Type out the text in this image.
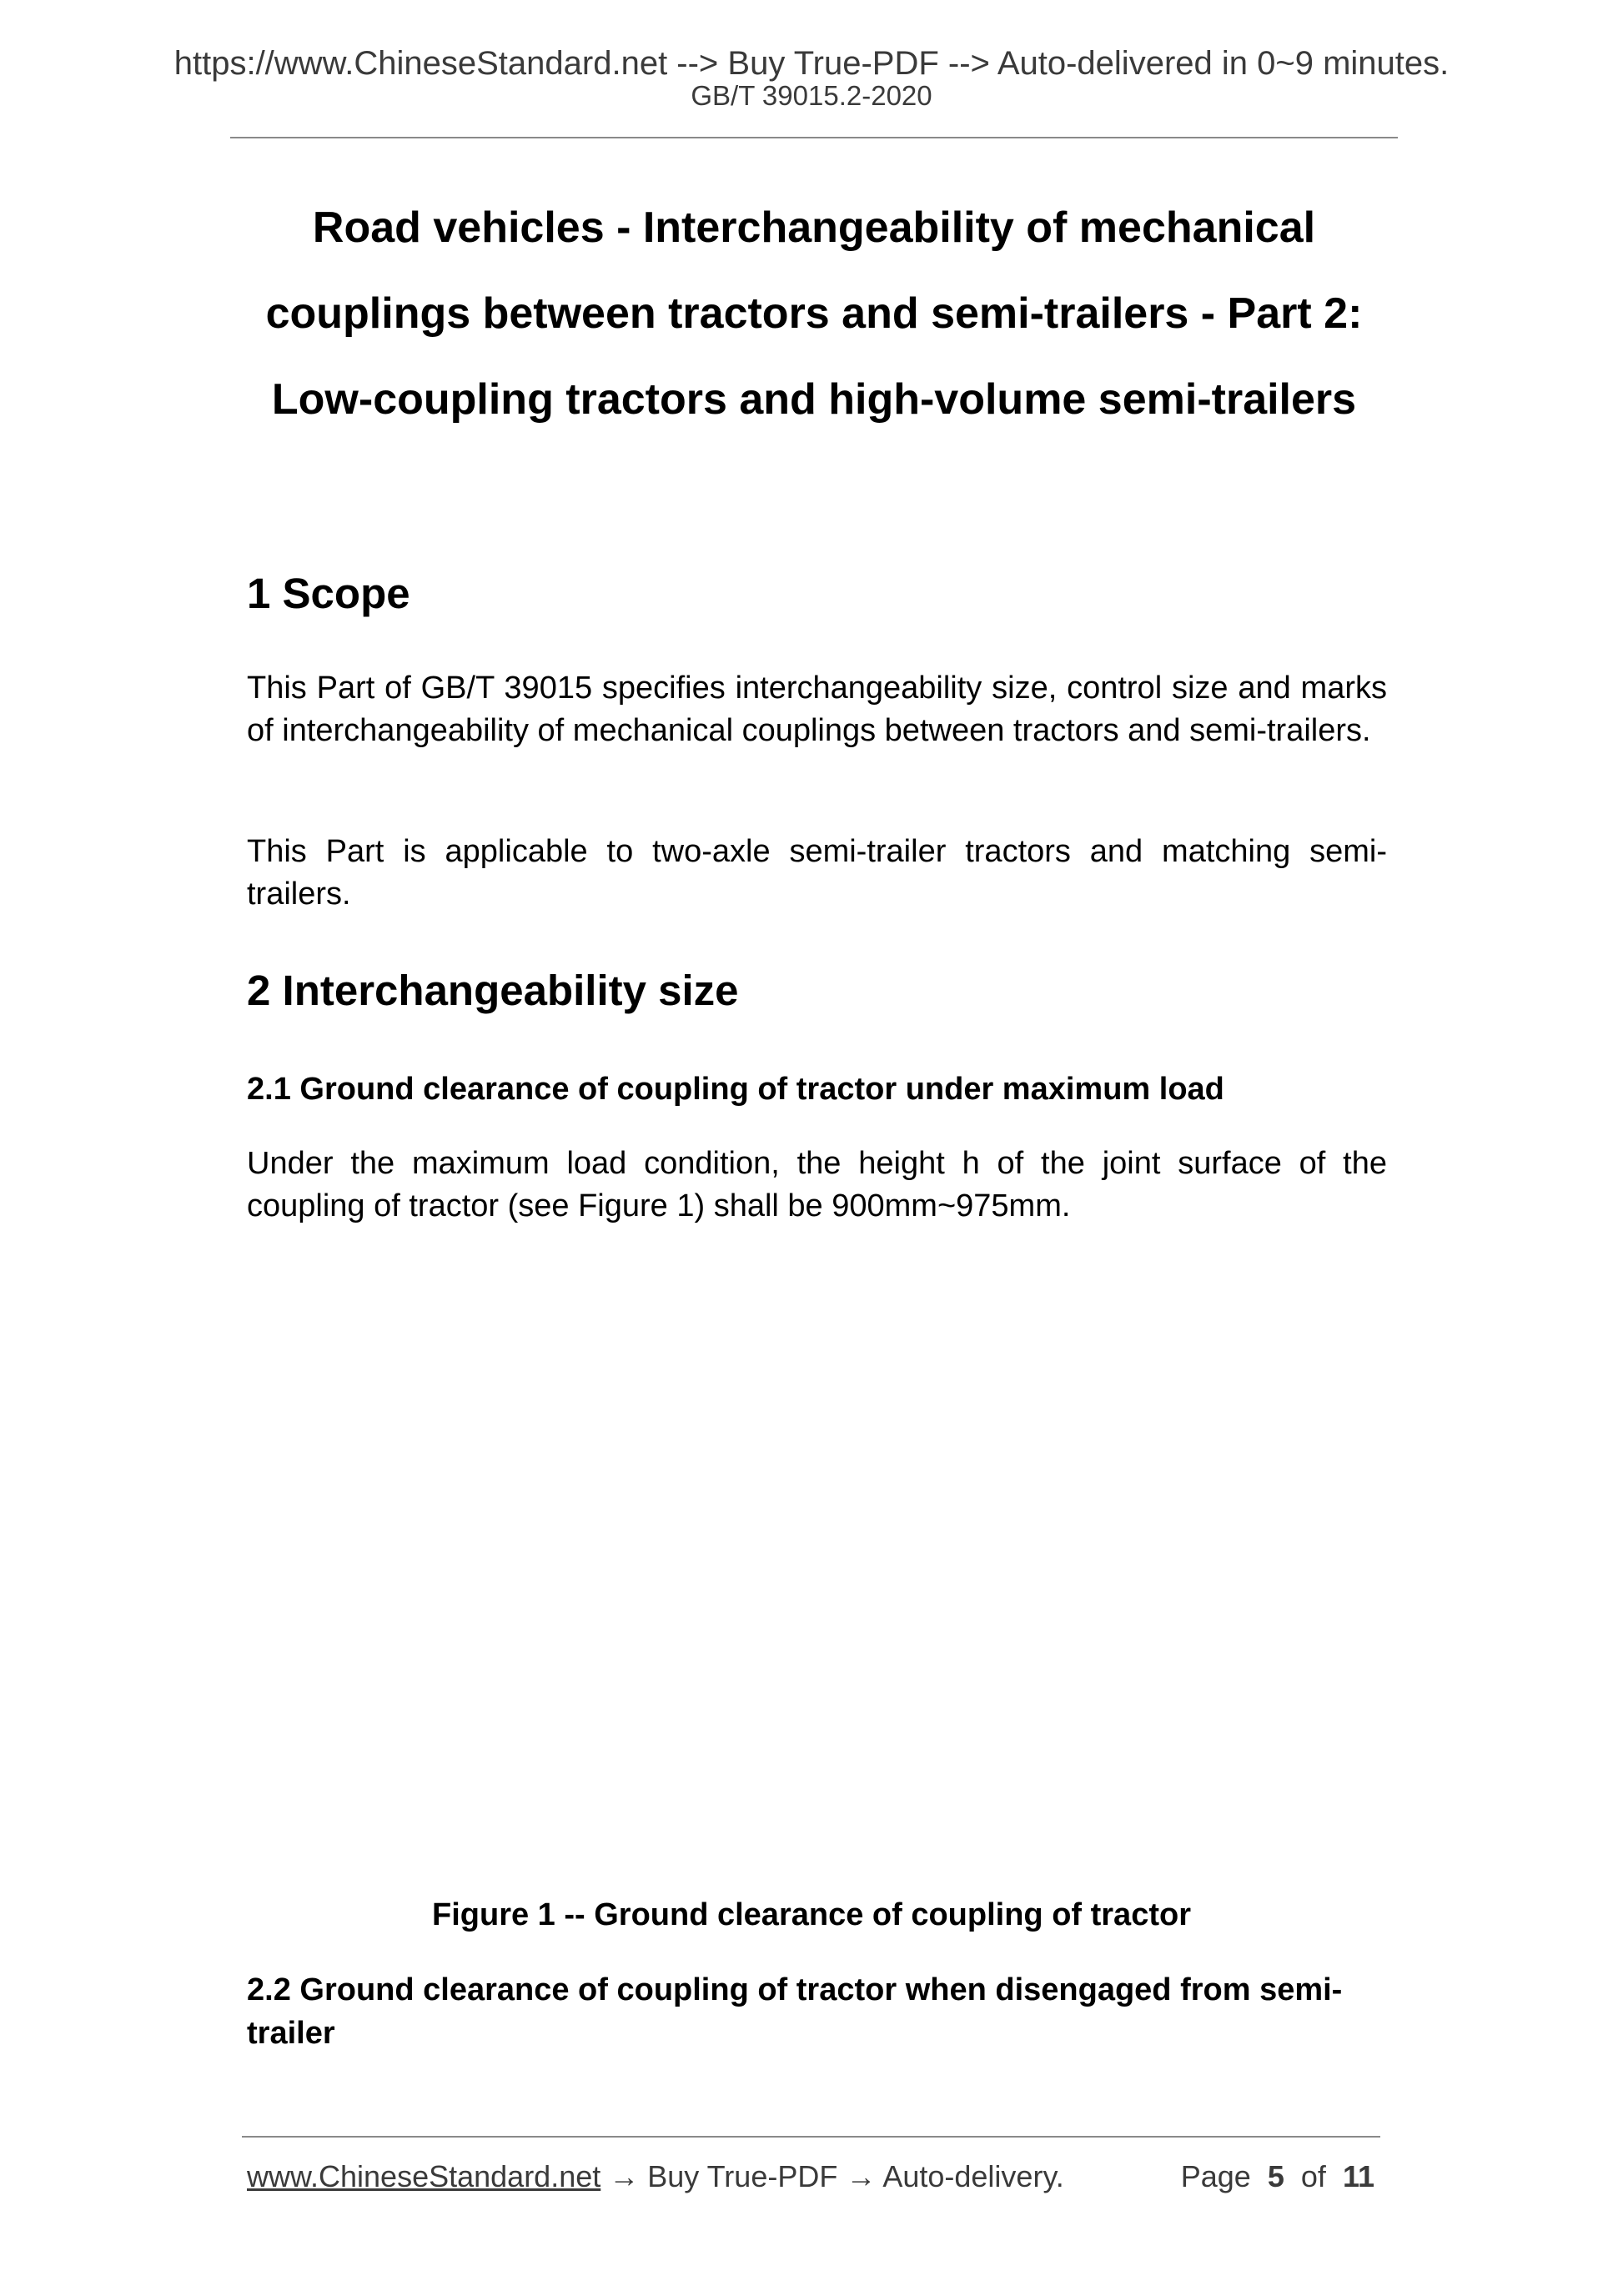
https://www.ChineseStandard.net --> Buy True-PDF --> Auto-delivered in 0~9 minutes.
GB/T 39015.2-2020
Road vehicles - Interchangeability of mechanical
couplings between tractors and semi-trailers - Part 2:
Low-coupling tractors and high-volume semi-trailers
1 Scope
This Part of GB/T 39015 specifies interchangeability size, control size and marks of interchangeability of mechanical couplings between tractors and semi-trailers.
This Part is applicable to two-axle semi-trailer tractors and matching semi-trailers.
2 Interchangeability size
2.1 Ground clearance of coupling of tractor under maximum load
Under the maximum load condition, the height h of the joint surface of the coupling of tractor (see Figure 1) shall be 900mm~975mm.
Figure 1 -- Ground clearance of coupling of tractor
2.2 Ground clearance of coupling of tractor when disengaged from semi-trailer
www.ChineseStandard.net → Buy True-PDF → Auto-delivery.	Page 5 of 11
